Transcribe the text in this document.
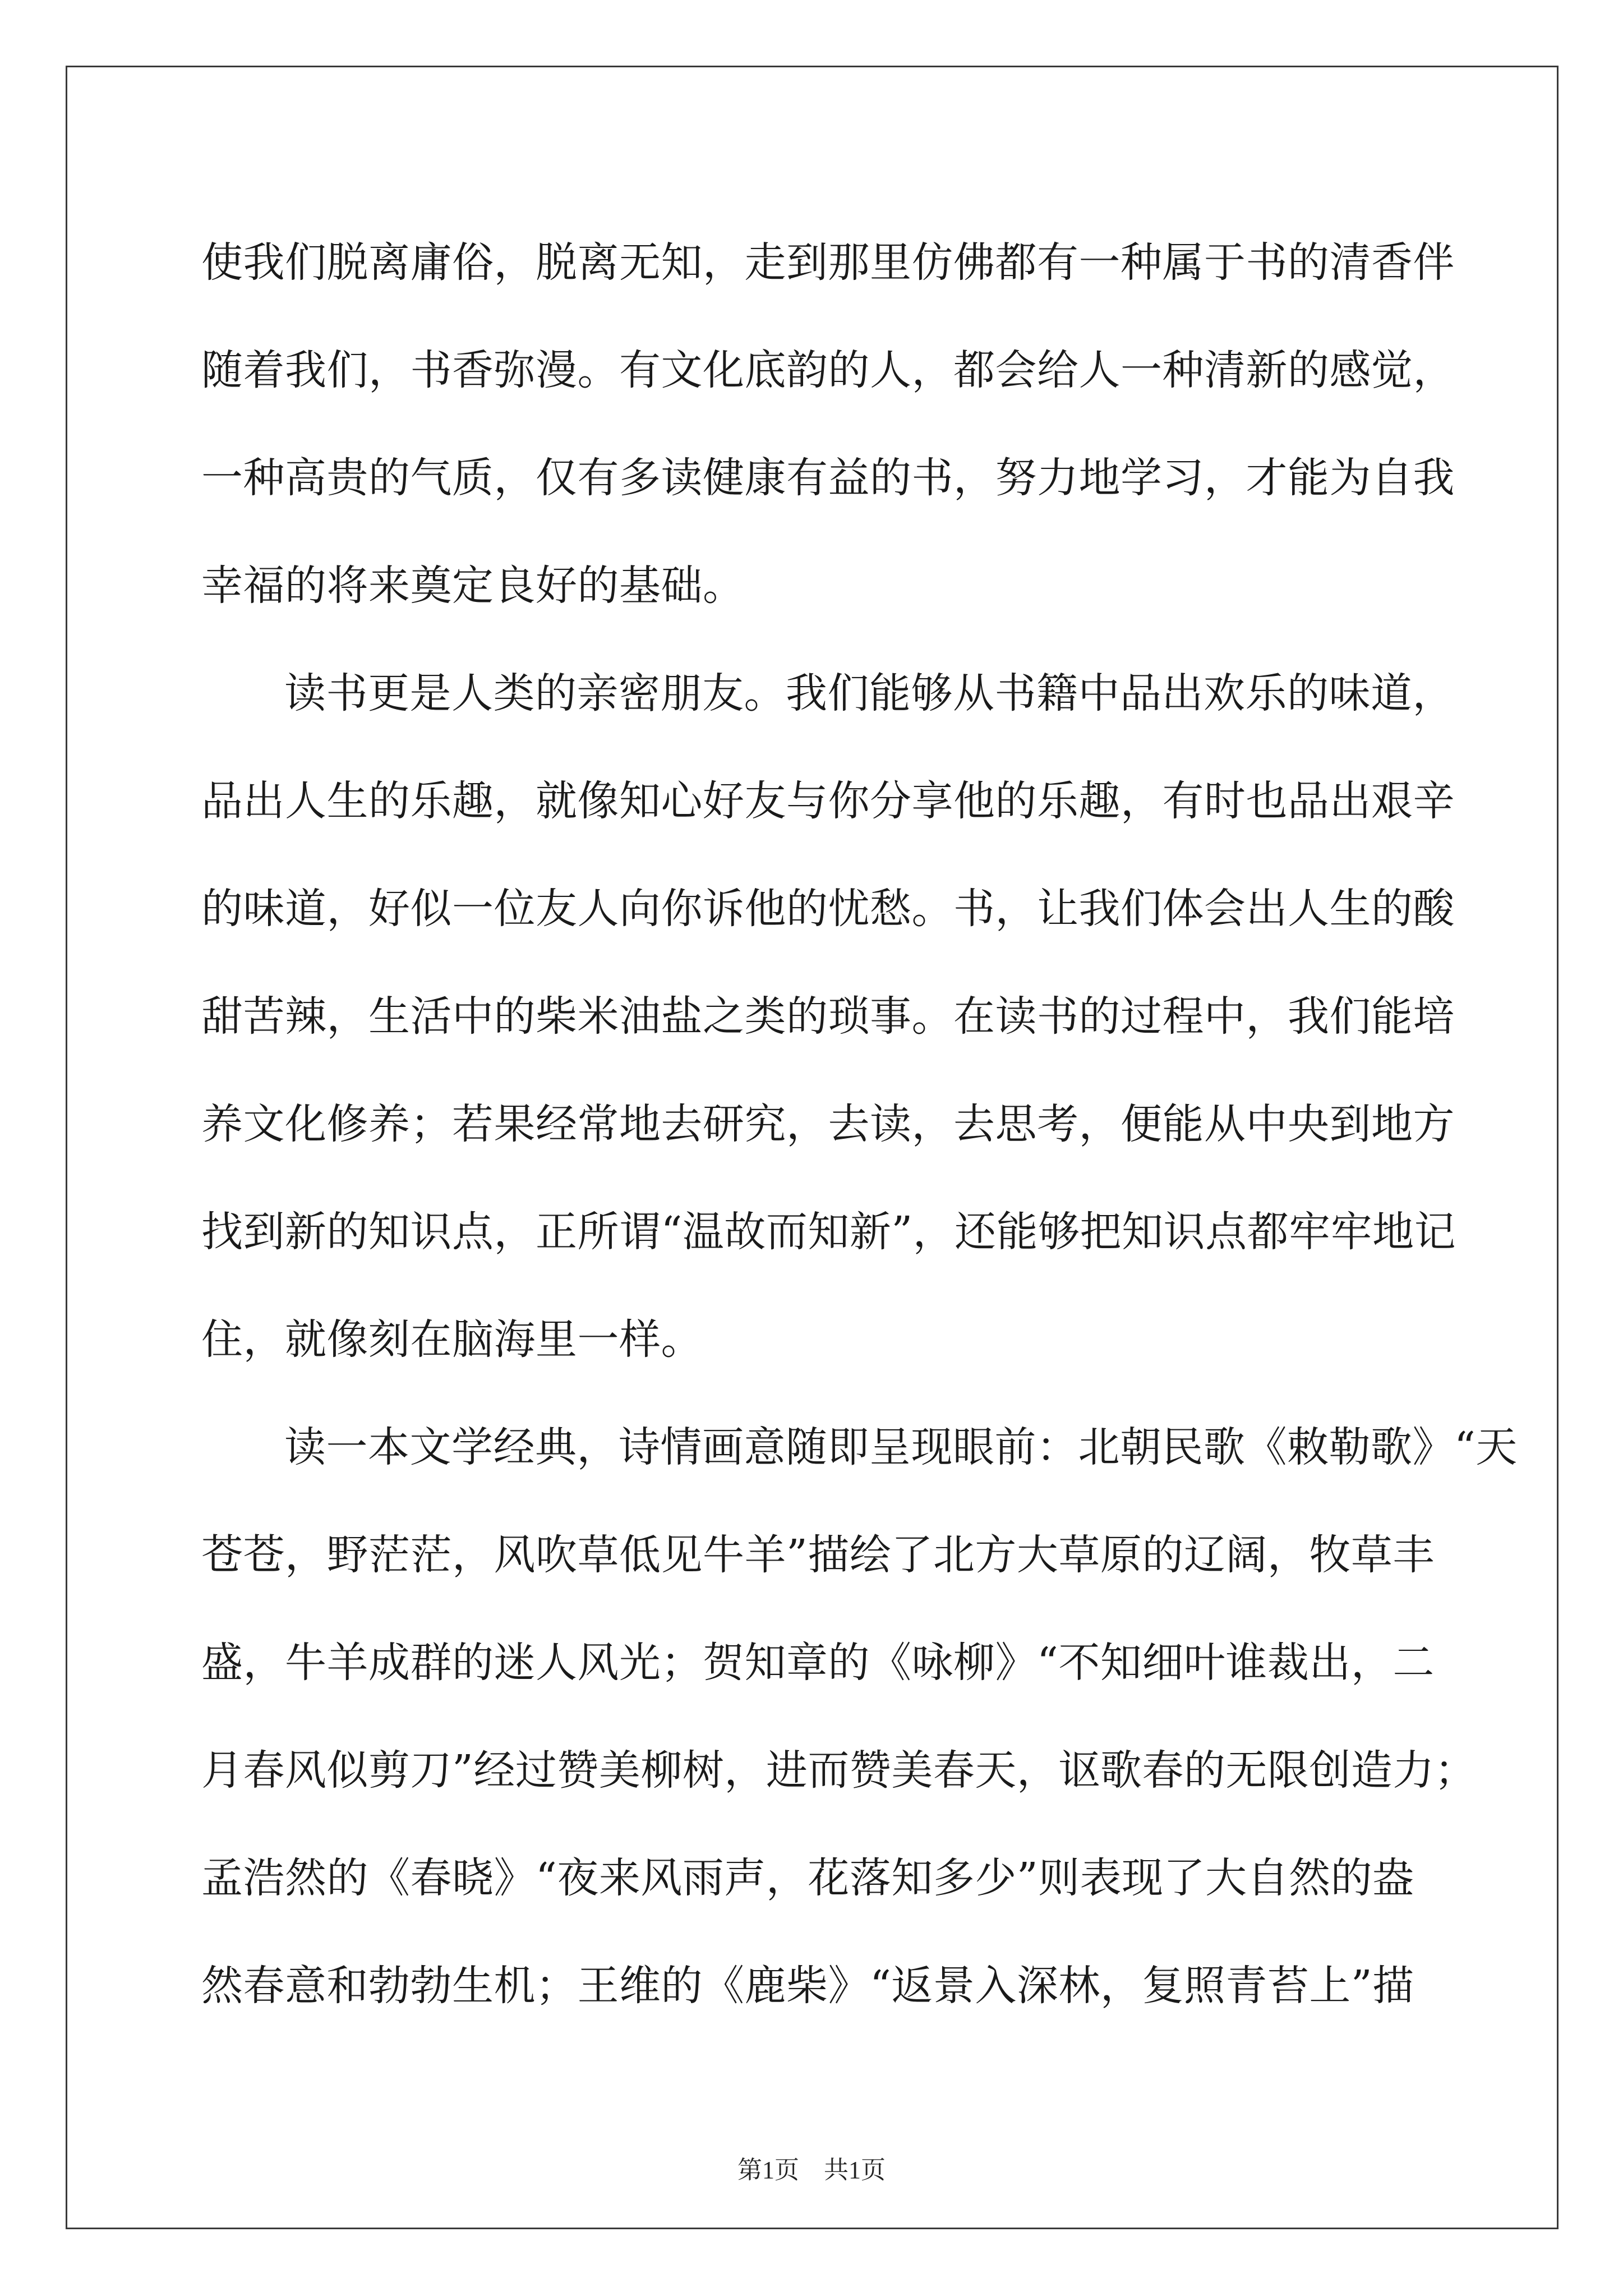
使我们脱离庸俗，脱离无知，走到那里仿佛都有一种属于书的清香伴
随着我们，书香弥漫。有文化底韵的人，都会给人一种清新的感觉，
一种高贵的气质，仅有多读健康有益的书，努力地学习，才能为自我
幸福的将来奠定良好的基础。
读书更是人类的亲密朋友。我们能够从书籍中品出欢乐的味道，
品出人生的乐趣，就像知心好友与你分享他的乐趣，有时也品出艰辛
的味道，好似一位友人向你诉他的忧愁。书，让我们体会出人生的酸
甜苦辣，生活中的柴米油盐之类的琐事。在读书的过程中，我们能培
养文化修养；若果经常地去研究，去读，去思考，便能从中央到地方
找到新的知识点，正所谓“温故而知新”，还能够把知识点都牢牢地记
住，就像刻在脑海里一样。
读一本文学经典，诗情画意随即呈现眼前：北朝民歌《敕勒歌》“天
苍苍，野茫茫，风吹草低见牛羊”描绘了北方大草原的辽阔，牧草丰
盛，牛羊成群的迷人风光；贺知章的《咏柳》“不知细叶谁裁出，二
月春风似剪刀”经过赞美柳树，进而赞美春天，讴歌春的无限创造力；
孟浩然的《春晓》“夜来风雨声，花落知多少”则表现了大自然的盎
然春意和勃勃生机；王维的《鹿柴》“返景入深林，复照青苔上”描
第1页　共1页
